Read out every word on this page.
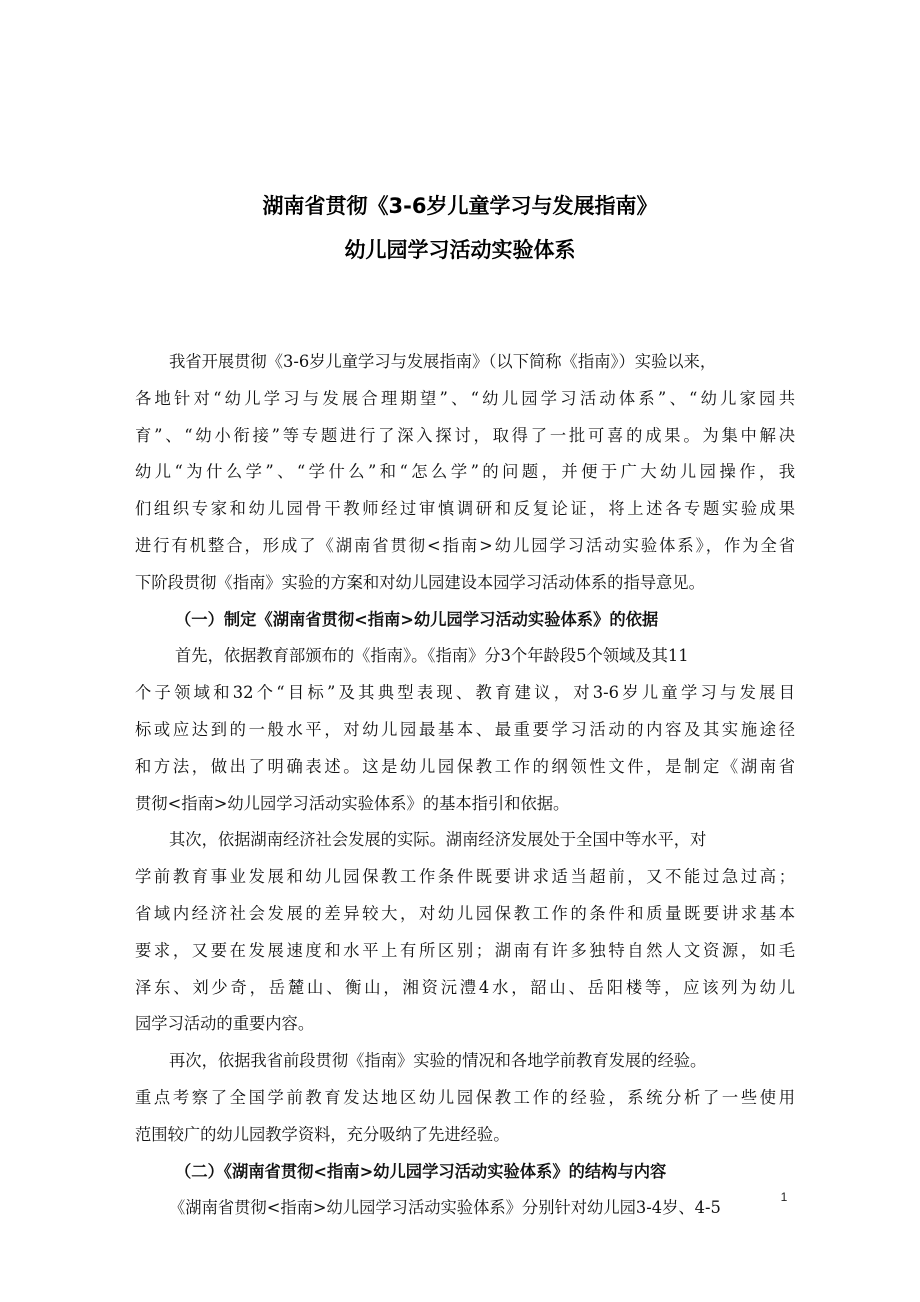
湖南省贯彻《3-6岁儿童学习与发展指南》
幼儿园学习活动实验体系
我省开展贯彻《3-6岁儿童学习与发展指南》（以下简称《指南》）实验以来，
各地针对“幼儿学习与发展合理期望”、“幼儿园学习活动体系”、“幼儿家园共
育”、“幼小衔接”等专题进行了深入探讨，取得了一批可喜的成果。为集中解决
幼儿“为什么学”、“学什么”和“怎么学”的问题，并便于广大幼儿园操作，我
们组织专家和幼儿园骨干教师经过审慎调研和反复论证，将上述各专题实验成果
进行有机整合，形成了《湖南省贯彻<指南>幼儿园学习活动实验体系》，作为全省
下阶段贯彻《指南》实验的方案和对幼儿园建设本园学习活动体系的指导意见。
（一）制定《湖南省贯彻<指南>幼儿园学习活动实验体系》的依据
首先，依据教育部颁布的《指南》。《指南》分3个年龄段5个领域及其11
个子领域和32个“目标”及其典型表现、教育建议，对3-6岁儿童学习与发展目
标或应达到的一般水平，对幼儿园最基本、最重要学习活动的内容及其实施途径
和方法，做出了明确表述。这是幼儿园保教工作的纲领性文件，是制定《湖南省
贯彻<指南>幼儿园学习活动实验体系》的基本指引和依据。
其次，依据湖南经济社会发展的实际。湖南经济发展处于全国中等水平，对
学前教育事业发展和幼儿园保教工作条件既要讲求适当超前，又不能过急过高；
省域内经济社会发展的差异较大，对幼儿园保教工作的条件和质量既要讲求基本
要求，又要在发展速度和水平上有所区别；湖南有许多独特自然人文资源，如毛
泽东、刘少奇，岳麓山、衡山，湘资沅澧4水，韶山、岳阳楼等，应该列为幼儿
园学习活动的重要内容。
再次，依据我省前段贯彻《指南》实验的情况和各地学前教育发展的经验。
重点考察了全国学前教育发达地区幼儿园保教工作的经验，系统分析了一些使用
范围较广的幼儿园教学资料，充分吸纳了先进经验。
（二）《湖南省贯彻<指南>幼儿园学习活动实验体系》的结构与内容
《湖南省贯彻<指南>幼儿园学习活动实验体系》分别针对幼儿园3-4岁、4-5
1
